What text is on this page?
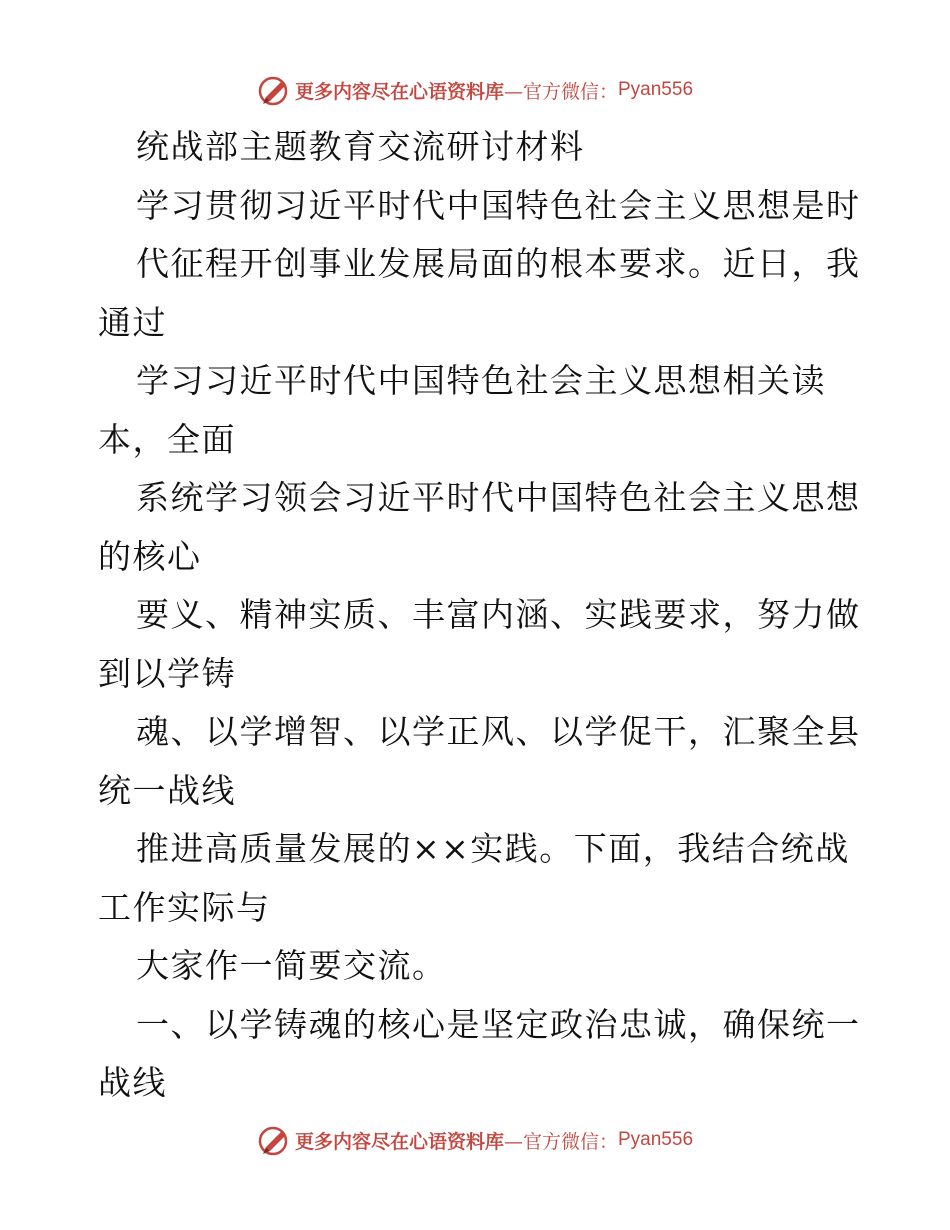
更多内容尽在心语资料库 —官方微信： Pyan556
统战部主题教育交流研讨材料
学习贯彻习近平时代中国特色社会主义思想是时
代征程开创事业发展局面的根本要求。近日，我
通过
学习习近平时代中国特色社会主义思想相关读
本，全面
系统学习领会习近平时代中国特色社会主义思想
的核心
要义、精神实质、丰富内涵、实践要求，努力做
到以学铸
魂、以学增智、以学正风、以学促干，汇聚全县
统一战线
推进高质量发展的××实践。下面，我结合统战
工作实际与
大家作一简要交流。
一、以学铸魂的核心是坚定政治忠诚，确保统一
战线
更多内容尽在心语资料库 —官方微信： Pyan556
